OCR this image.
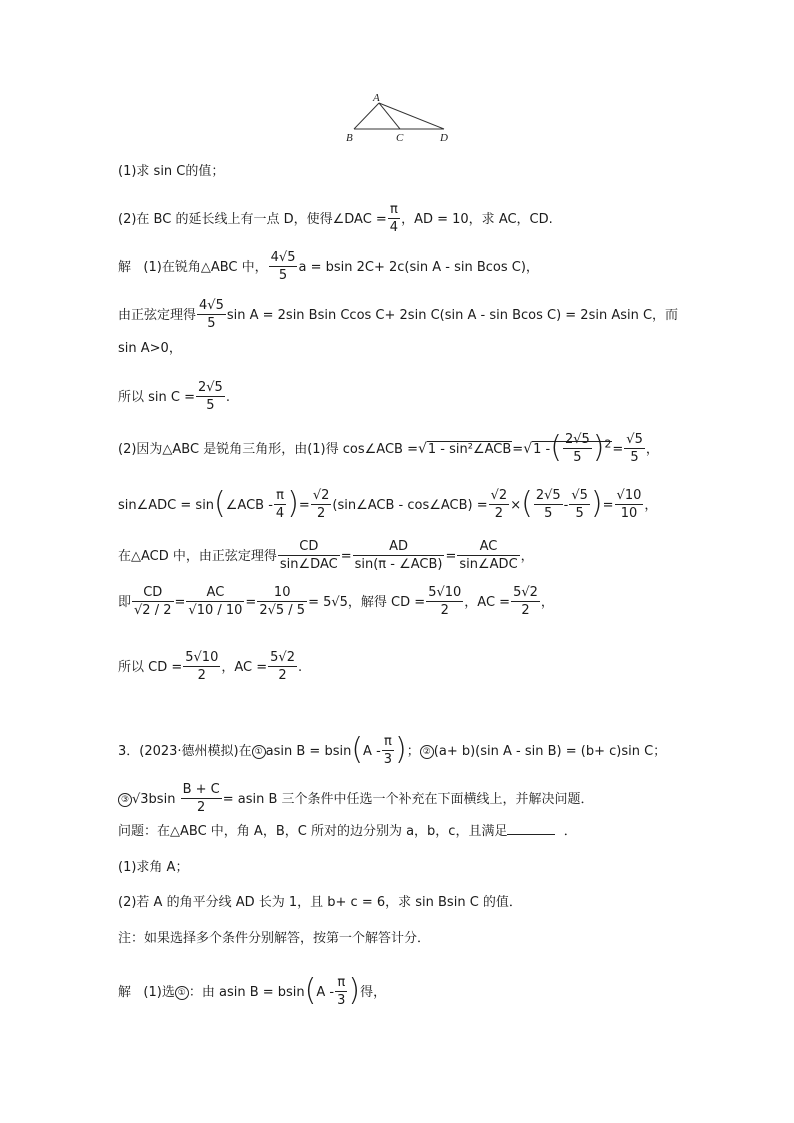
A
B	C	D
(1)求 sin C的值；
(2)在 BC 的延长线上有一点 D，使得∠DAC = $\frac{\pi}{4}$ ，AD = 10，求 AC，CD.
解 (1)在锐角△ABC 中， $\frac{4√5}{5}$ a = bsin 2C+ 2c(sin A - sin Bcos C)，
由正弦定理得 $\frac{4√5}{5}$ sin A = 2sin Bsin Ccos C+ 2sin C(sin A - sin Bcos C) = 2sin Asin C，而
sin A>0，
所以 $\sin C = \frac{2√5}{5}$ .
(2)因为△ABC 是锐角三角形，由(1)得 cos∠ACB =√1 - sin²∠ACB=√1 -( $\frac{2√5}{5} )^2= \frac{√5}{5}$ ，
sin∠ADC = sin(∠ACB - $\frac{\pi}{4}$ )= $\frac{√2}{2}$ (sin∠ACB - cos∠ACB) = $\frac{√2}{2}$ ×( $\frac{2√5}{5} - \frac{√5}{5}$ )= $\frac{√10}{10}$ ，
在△ACD 中，由正弦定理得 $\frac{CD}{\text{sin∠DAC}} = \frac{AD}{\text{sin(π - ∠ACB)}} = \frac{AC}{\text{sin∠ADC}}$ ，
即 $\frac{CD}{√2 / 2} = \frac{AC}{√10 / 10} = \frac{10}{2√5 / 5} = 5√5$，解得 CD = $\frac{5√10}{2}$ ，AC = $\frac{5√2}{2}$ ，
所以 CD = $\frac{5√10}{2}$ ，AC = $\frac{5√2}{2}$ .
3．(2023·德州模拟)在 ① asin $B = bsin(A - \frac{\pi}{3}$ )； ② (a+ b)(sin A - sin B) = (b+ c)sin C；
③ $√3bsin \frac{B + C}{2} = asin$ B 三个条件中任选一个补充在下面横线上，并解决问题．
问题：在△ABC 中，角 A，B，C 所对的边分别为 a，b，c，且满足	．
(1)求角 A；
(2)若 A 的角平分线 AD 长为 1，且 b+ c = 6，求 sin Bsin C 的值．
注：如果选择多个条件分别解答，按第一个解答计分．
解 (1)选 ① ：由 asin $B = bsin(A - \frac{\pi}{3}$ )得，
